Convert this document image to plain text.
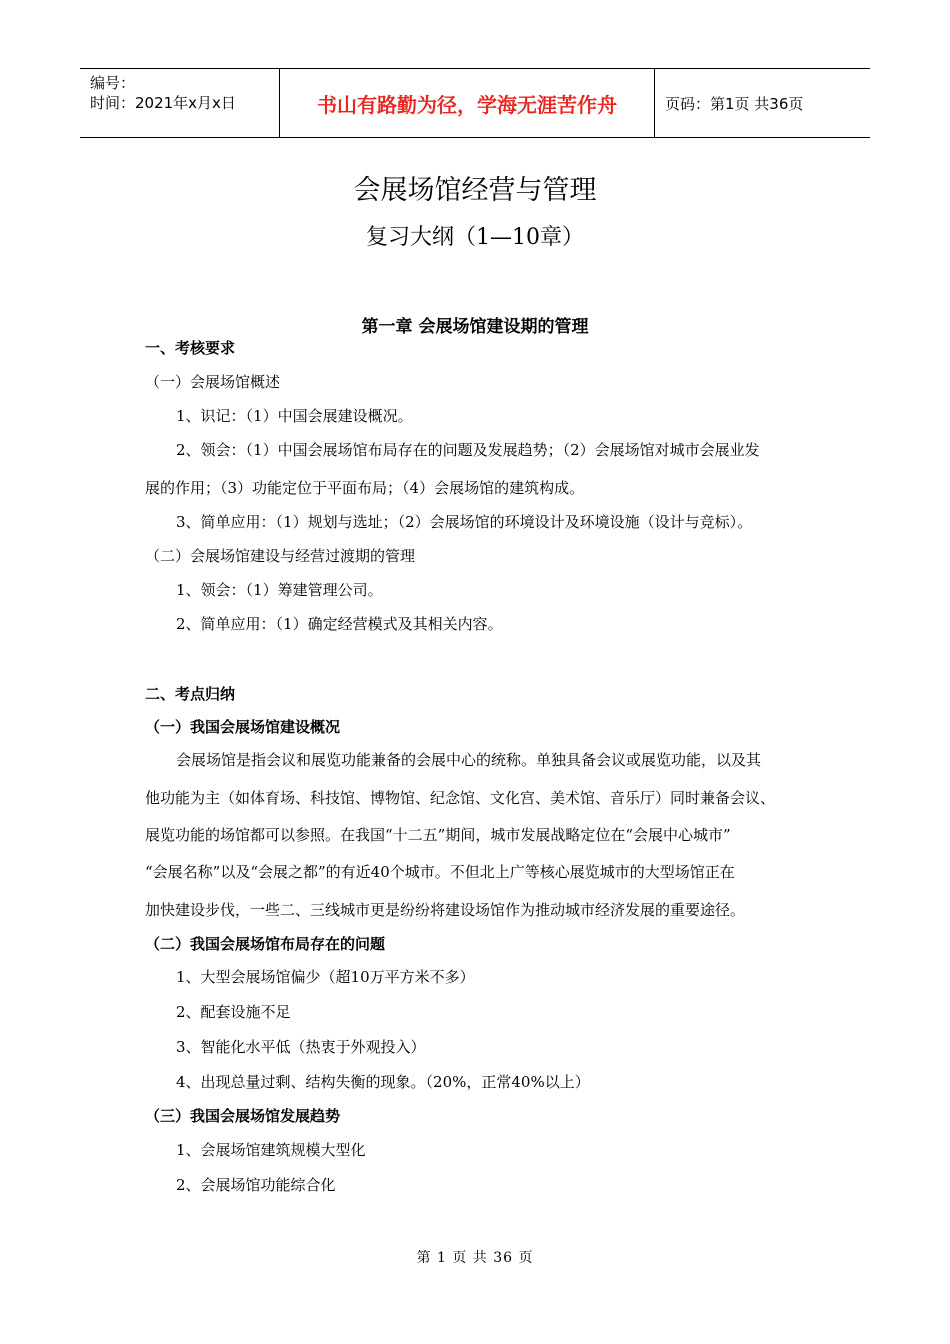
编号：
时间：2021年x月x日	书山有路勤为径，学海无涯苦作舟	页码：第1页 共36页
会展场馆经营与管理
复习大纲（1—10章）
第一章 会展场馆建设期的管理
一、考核要求
（一）会展场馆概述
1、识记：（1）中国会展建设概况。
2、领会：（1）中国会展场馆布局存在的问题及发展趋势；（2）会展场馆对城市会展业发
展的作用；（3）功能定位于平面布局；（4）会展场馆的建筑构成。
3、简单应用：（1）规划与选址；（2）会展场馆的环境设计及环境设施（设计与竞标）。
（二）会展场馆建设与经营过渡期的管理
1、领会：（1）筹建管理公司。
2、简单应用：（1）确定经营模式及其相关内容。
二、考点归纳
（一）我国会展场馆建设概况
会展场馆是指会议和展览功能兼备的会展中心的统称。单独具备会议或展览功能，以及其
他功能为主（如体育场、科技馆、博物馆、纪念馆、文化宫、美术馆、音乐厅）同时兼备会议、
展览功能的场馆都可以参照。在我国“十二五”期间，城市发展战略定位在“会展中心城市”
“会展名称”以及“会展之都”的有近40个城市。不但北上广等核心展览城市的大型场馆正在
加快建设步伐，一些二、三线城市更是纷纷将建设场馆作为推动城市经济发展的重要途径。
（二）我国会展场馆布局存在的问题
1、大型会展场馆偏少（超10万平方米不多）
2、配套设施不足
3、智能化水平低（热衷于外观投入）
4、出现总量过剩、结构失衡的现象。（20%，正常40%以上）
（三）我国会展场馆发展趋势
1、会展场馆建筑规模大型化
2、会展场馆功能综合化
第 1 页 共 36 页
